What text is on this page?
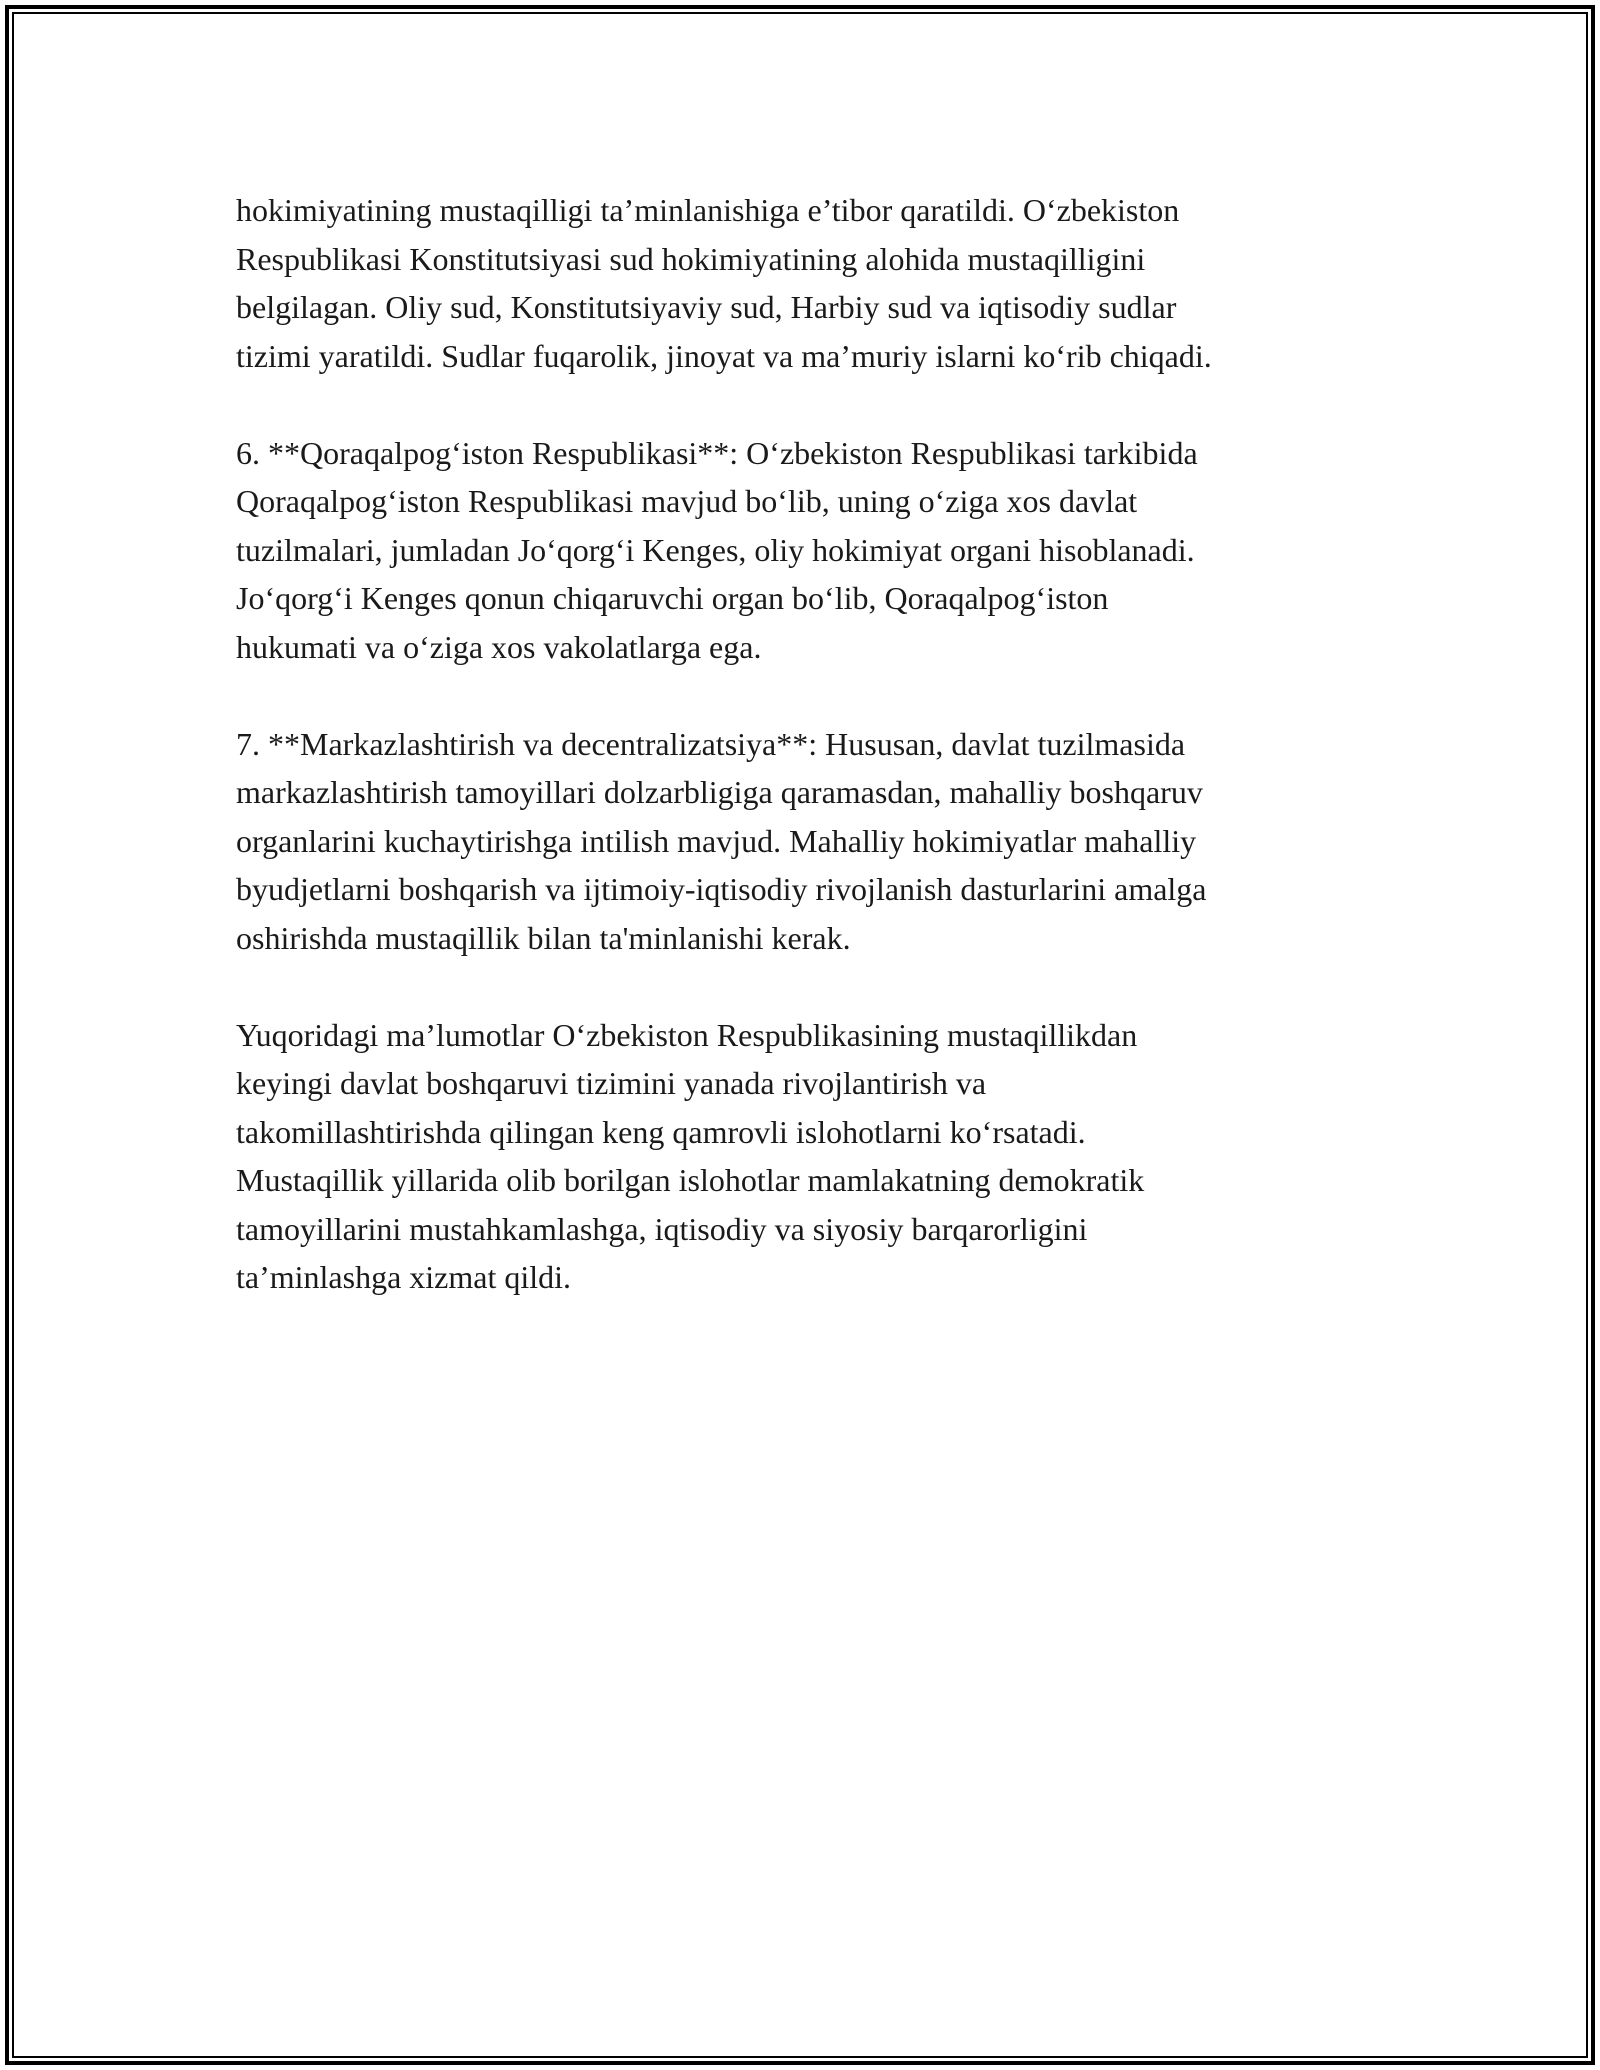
hokimiyatining mustaqilligi ta’minlanishiga e’tibor qaratildi. O‘zbekiston
Respublikasi Konstitutsiyasi sud hokimiyatining alohida mustaqilligini
belgilagan. Oliy sud, Konstitutsiyaviy sud, Harbiy sud va iqtisodiy sudlar
tizimi yaratildi. Sudlar fuqarolik, jinoyat va ma’muriy islarni ko‘rib chiqadi.
6. **Qoraqalpog‘iston Respublikasi**: O‘zbekiston Respublikasi tarkibida
Qoraqalpog‘iston Respublikasi mavjud bo‘lib, uning o‘ziga xos davlat
tuzilmalari, jumladan Jo‘qorg‘i Kenges, oliy hokimiyat organi hisoblanadi.
Jo‘qorg‘i Kenges qonun chiqaruvchi organ bo‘lib, Qoraqalpog‘iston
hukumati va o‘ziga xos vakolatlarga ega.
7. **Markazlashtirish va decentralizatsiya**: Hususan, davlat tuzilmasida
markazlashtirish tamoyillari dolzarbligiga qaramasdan, mahalliy boshqaruv
organlarini kuchaytirishga intilish mavjud. Mahalliy hokimiyatlar mahalliy
byudjetlarni boshqarish va ijtimoiy-iqtisodiy rivojlanish dasturlarini amalga
oshirishda mustaqillik bilan ta'minlanishi kerak.
Yuqoridagi ma’lumotlar O‘zbekiston Respublikasining mustaqillikdan
keyingi davlat boshqaruvi tizimini yanada rivojlantirish va
takomillashtirishda qilingan keng qamrovli islohotlarni ko‘rsatadi.
Mustaqillik yillarida olib borilgan islohotlar mamlakatning demokratik
tamoyillarini mustahkamlashga, iqtisodiy va siyosiy barqarorligini
ta’minlashga xizmat qildi.
